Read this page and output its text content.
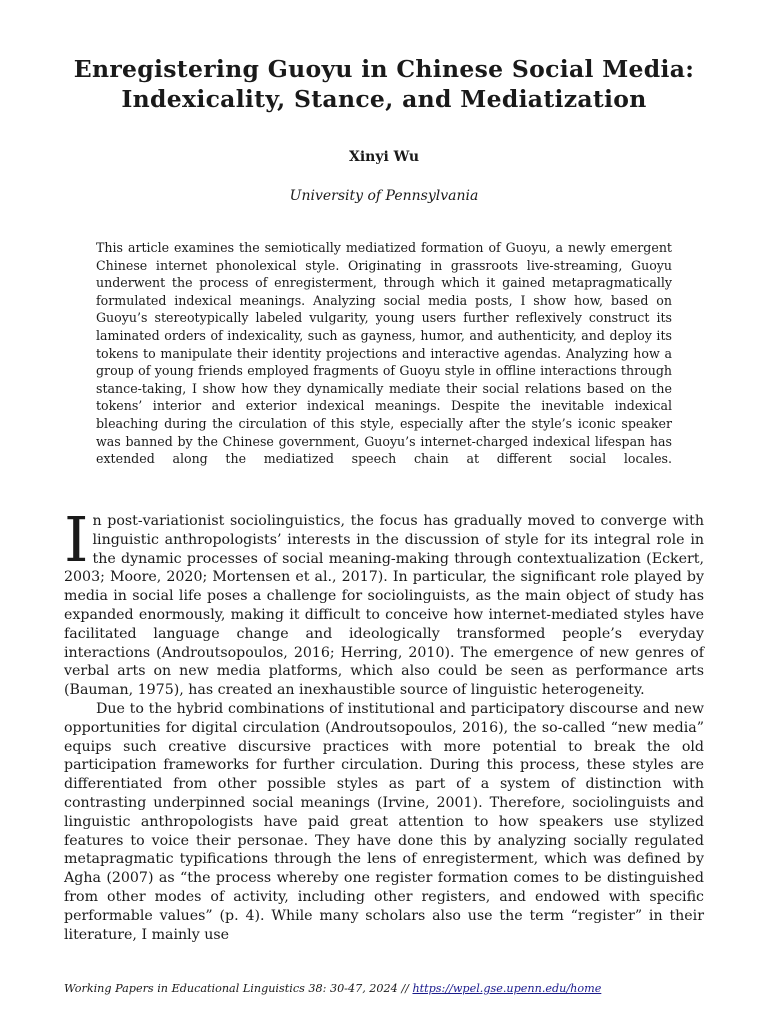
Enregistering Guoyu in Chinese Social Media:
Indexicality, Stance, and Mediatization
Xinyi Wu
University of Pennsylvania

This article examines the semiotically mediatized formation of Guoyu, a newly emergent Chinese internet phonolexical style. Originating in grassroots live-streaming, Guoyu underwent the process of enregisterment, through which it gained metapragmatically formulated indexical meanings. Analyzing social media posts, I show how, based on Guoyu’s stereotypically labeled vulgarity, young users further reflexively construct its laminated orders of indexicality, such as gayness, humor, and authenticity, and deploy its tokens to manipulate their identity projections and interactive agendas. Analyzing how a group of young friends employed fragments of Guoyu style in offline interactions through stance-taking, I show how they dynamically mediate their social relations based on the tokens’ interior and exterior indexical meanings. Despite the inevitable indexical bleaching during the circulation of this style, especially after the style’s iconic speaker was banned by the Chinese government, Guoyu’s internet-charged indexical lifespan has extended along the mediatized speech chain at different social locales.

In post-variationist sociolinguistics, the focus has gradually moved to converge with linguistic anthropologists’ interests in the discussion of style for its integral role in the dynamic processes of social meaning-making through contextualization (Eckert, 2003; Moore, 2020; Mortensen et al., 2017). In particular, the significant role played by media in social life poses a challenge for sociolinguists, as the main object of study has expanded enormously, making it difficult to conceive how internet-mediated styles have facilitated language change and ideologically transformed people’s everyday interactions (Androutsopoulos, 2016; Herring, 2010). The emergence of new genres of verbal arts on new media platforms, which also could be seen as performance arts (Bauman, 1975), has created an inexhaustible source of linguistic heterogeneity.

Due to the hybrid combinations of institutional and participatory discourse and new opportunities for digital circulation (Androutsopoulos, 2016), the so-called “new media” equips such creative discursive practices with more potential to break the old participation frameworks for further circulation. During this process, these styles are differentiated from other possible styles as part of a system of distinction with contrasting underpinned social meanings (Irvine, 2001). Therefore, sociolinguists and linguistic anthropologists have paid great attention to how speakers use stylized features to voice their personae. They have done this by analyzing socially regulated metapragmatic typifications through the lens of enregisterment, which was defined by Agha (2007) as “the process whereby one register formation comes to be distinguished from other modes of activity, including other registers, and endowed with specific performable values” (p. 4). While many scholars also use the term “register” in their literature, I mainly use

Working Papers in Educational Linguistics 38: 30-47, 2024 // https://wpel.gse.upenn.edu/home
